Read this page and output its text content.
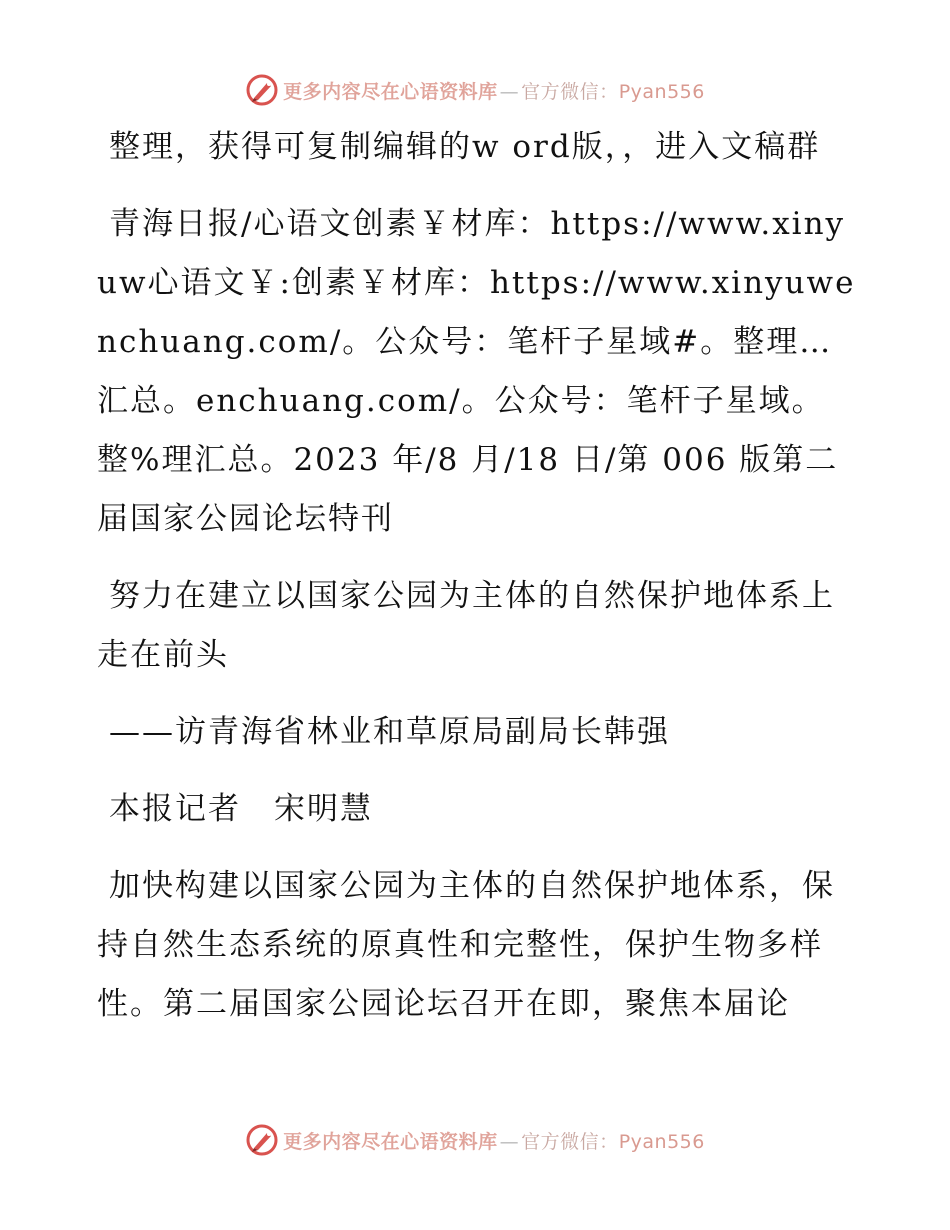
更多内容尽在心语资料库 — 官方微信：Pyan556

整理，获得可复制编辑的w ord版，，进入文稿群

青海日报/心语文创素￥材库：https://www.xinyuw心语文￥:创素￥材库：https://www.xinyuwenchuang.com/。公众号：笔杆子星域#。整理…汇总。enchuang.com/。公众号：笔杆子星域。整%理汇总。2023 年/8 月/18 日/第 006 版第二届国家公园论坛特刊

努力在建立以国家公园为主体的自然保护地体系上走在前头

——访青海省林业和草原局副局长韩强

本报记者　宋明慧

加快构建以国家公园为主体的自然保护地体系，保持自然生态系统的原真性和完整性，保护生物多样性。第二届国家公园论坛召开在即，聚焦本届论

更多内容尽在心语资料库 — 官方微信：Pyan556
